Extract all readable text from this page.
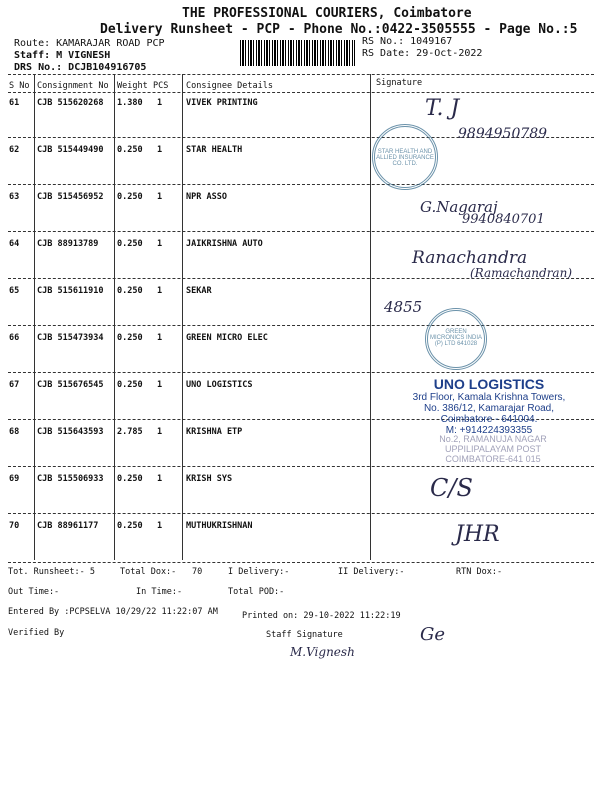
THE PROFESSIONAL COURIERS, Coimbatore
Delivery Runsheet - PCP - Phone No.:0422-3505555 - Page No.:5
Route: KAMARAJAR ROAD PCP
Staff: M VIGNESH
DRS No.: DCJB104916705
RS No.: 1049167
RS Date: 29-Oct-2022
S No Consignment No Weight PCS Consignee Details	Signature
61 CJB 515620268 1.380 1	VIVEK PRINTING
62 CJB 515449490 0.250 1	STAR HEALTH
63 CJB 515456952 0.250 1	NPR ASSO
64 CJB 88913789 0.250 1	JAIKRISHNA AUTO
65 CJB 515611910 0.250 1	SEKAR
66 CJB 515473934 0.250 1	GREEN MICRO ELEC
67 CJB 515676545 0.250 1	UNO LOGISTICS
68 CJB 515643593 2.785 1	KRISHNA ETP
69 CJB 515506933 0.250 1	KRISH SYS
70 CJB 88961177 0.250 1	MUTHUKRISHNAN
STAR HEALTH AND ALLIED INSURANCE CO. LTD.
T. J
9894950789
G.Nagaraj
9940840701
Ranachandra
(Ramachandran)
4855
GREEN MICRONICS INDIA (P) LTD 641028
UNO LOGISTICS
3rd Floor, Kamala Krishna Towers,
No. 386/12, Kamarajar Road,
Coimbatore - 641004.
M: +914224393355
No.2, RAMANUJA NAGAR
UPPILIPALAYAM POST
COIMBATORE-641 015
C/S
JHR
Tot. Runsheet:- 5	Total Dox:- 70	I Delivery:-	II Delivery:-	RTN Dox:-
Out Time:-	In Time:-	Total POD:-
Entered By :PCPSELVA 10/29/22 11:22:07 AM	Printed on: 29-10-2022 11:22:19
Verified By	Staff Signature
M.Vignesh
Ge
